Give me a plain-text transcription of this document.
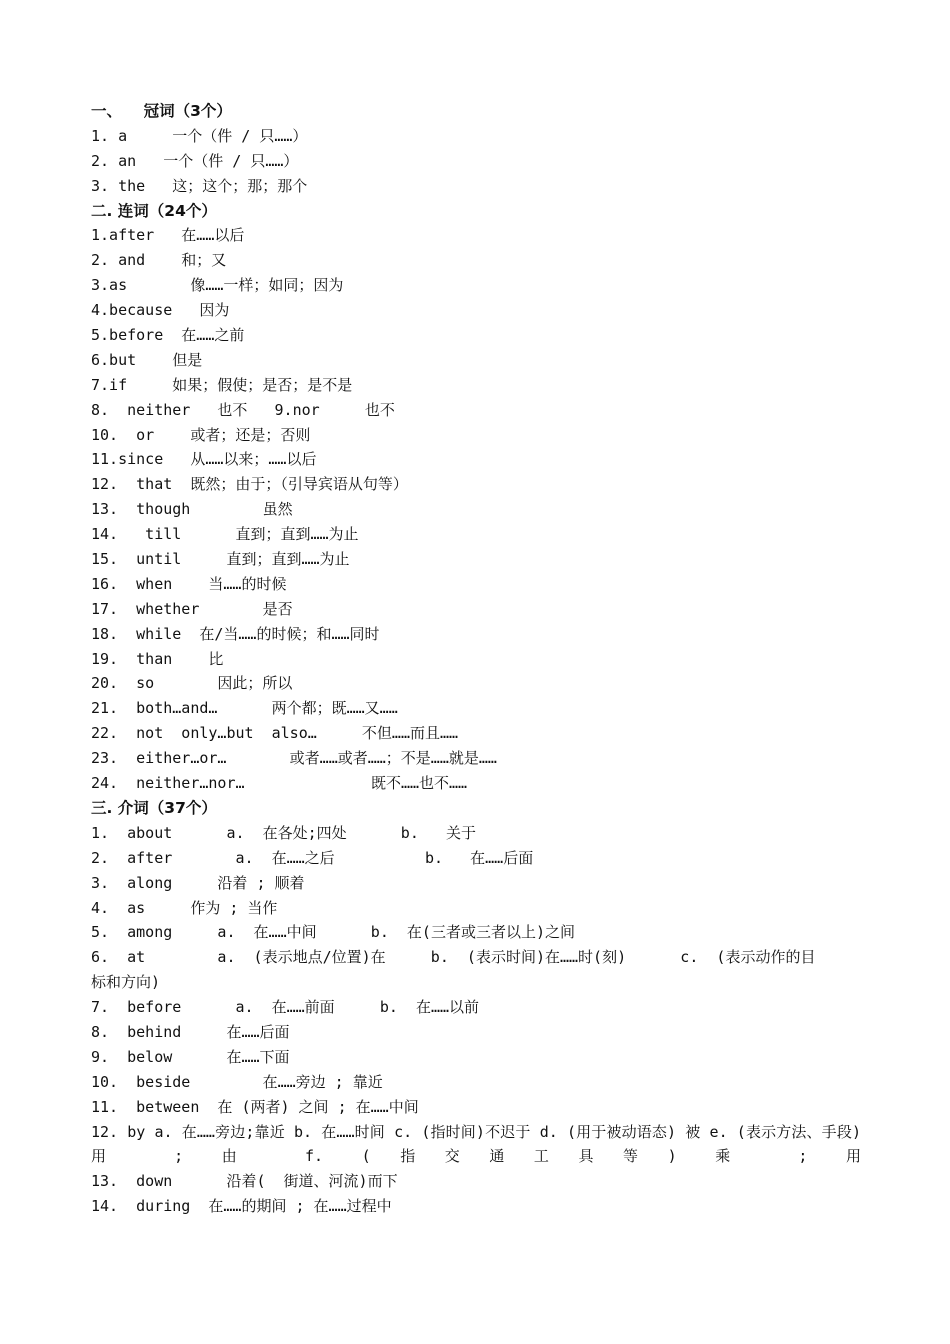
一、    冠词（3个）
1. a     一个（件 / 只……）
2. an   一个（件 / 只……）
3. the   这；这个；那；那个
二. 连词（24个）
1.after   在……以后
2. and    和；又
3.as       像……一样；如同；因为
4.because   因为
5.before  在……之前
6.but    但是
7.if     如果；假使；是否；是不是
8.  neither   也不   9.nor     也不
10.  or    或者；还是；否则
11.since   从……以来；……以后
12.  that  既然；由于；（引导宾语从句等）
13.  though        虽然
14.   till      直到；直到……为止
15.  until     直到；直到……为止
16.  when    当……的时候
17.  whether       是否
18.  while  在/当……的时候；和……同时
19.  than    比
20.  so       因此；所以
21.  both…and…      两个都；既……又……
22.  not  only…but  also…     不但……而且……
23.  either…or…       或者……或者……；不是……就是……
24.  neither…nor…              既不……也不……
三. 介词（37个）
1.  about      a.  在各处;四处      b.   关于
2.  after       a.  在……之后          b.   在……后面
3.  along     沿着 ; 顺着
4.  as     作为 ; 当作
5.  among     a.  在……中间      b.  在(三者或三者以上)之间
6.  at        a.  (表示地点/位置)在     b.  (表示时间)在……时(刻)      c.  (表示动作的目
标和方向)
7.  before      a.  在……前面     b.  在……以前
8.  behind     在……后面
9.  below      在……下面
10.  beside        在……旁边 ; 靠近
11.  between  在 (两者) 之间 ; 在……中间
12. by a. 在……旁边;靠近 b. 在……时间 c. (指时间)不迟于 d. (用于被动语态) 被 e. (表示方法、手段) 用 ; 由 f. (指交通工具等) 乘 ; 用
13.  down      沿着(  街道、河流)而下
14.  during  在……的期间 ; 在……过程中
